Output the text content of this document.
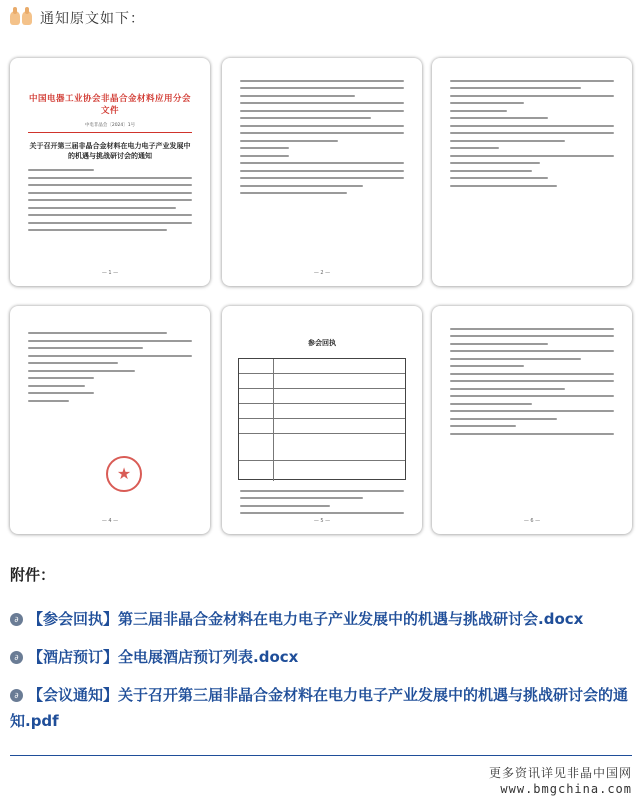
通知原文如下：
中国电器工业协会非晶合金材料应用分会文件
中电非晶会〔2024〕1号
关于召开第三届非晶合金材料在电力电子产业发展中的机遇与挑战研讨会的通知
— 1 —	— 2 —
★
— 4 —
参会回执
— 5 —	— 6 —
附件：
∂ 【参会回执】第三届非晶合金材料在电力电子产业发展中的机遇与挑战研讨会.docx
∂ 【酒店预订】全电展酒店预订列表.docx
∂ 【会议通知】关于召开第三届非晶合金材料在电力电子产业发展中的机遇与挑战研讨会的通知.pdf
更多资讯详见非晶中国网
www.bmgchina.com
